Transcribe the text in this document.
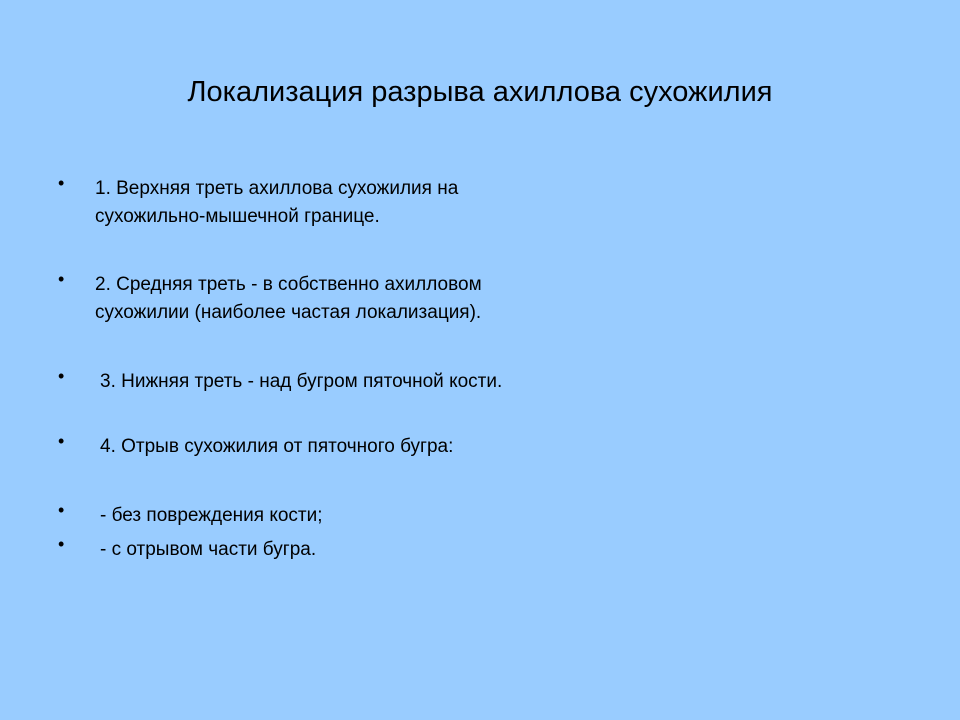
Локализация разрыва ахиллова сухожилия
• 1. Верхняя треть ахиллова сухожилия на
сухожильно-мышечной границе.
• 2. Средняя треть - в собственно ахилловом
сухожилии (наиболее частая локализация).
• 3. Нижняя треть - над бугром пяточной кости.
• 4. Отрыв сухожилия от пяточного бугра:
• - без повреждения кости;
• - с отрывом части бугра.
